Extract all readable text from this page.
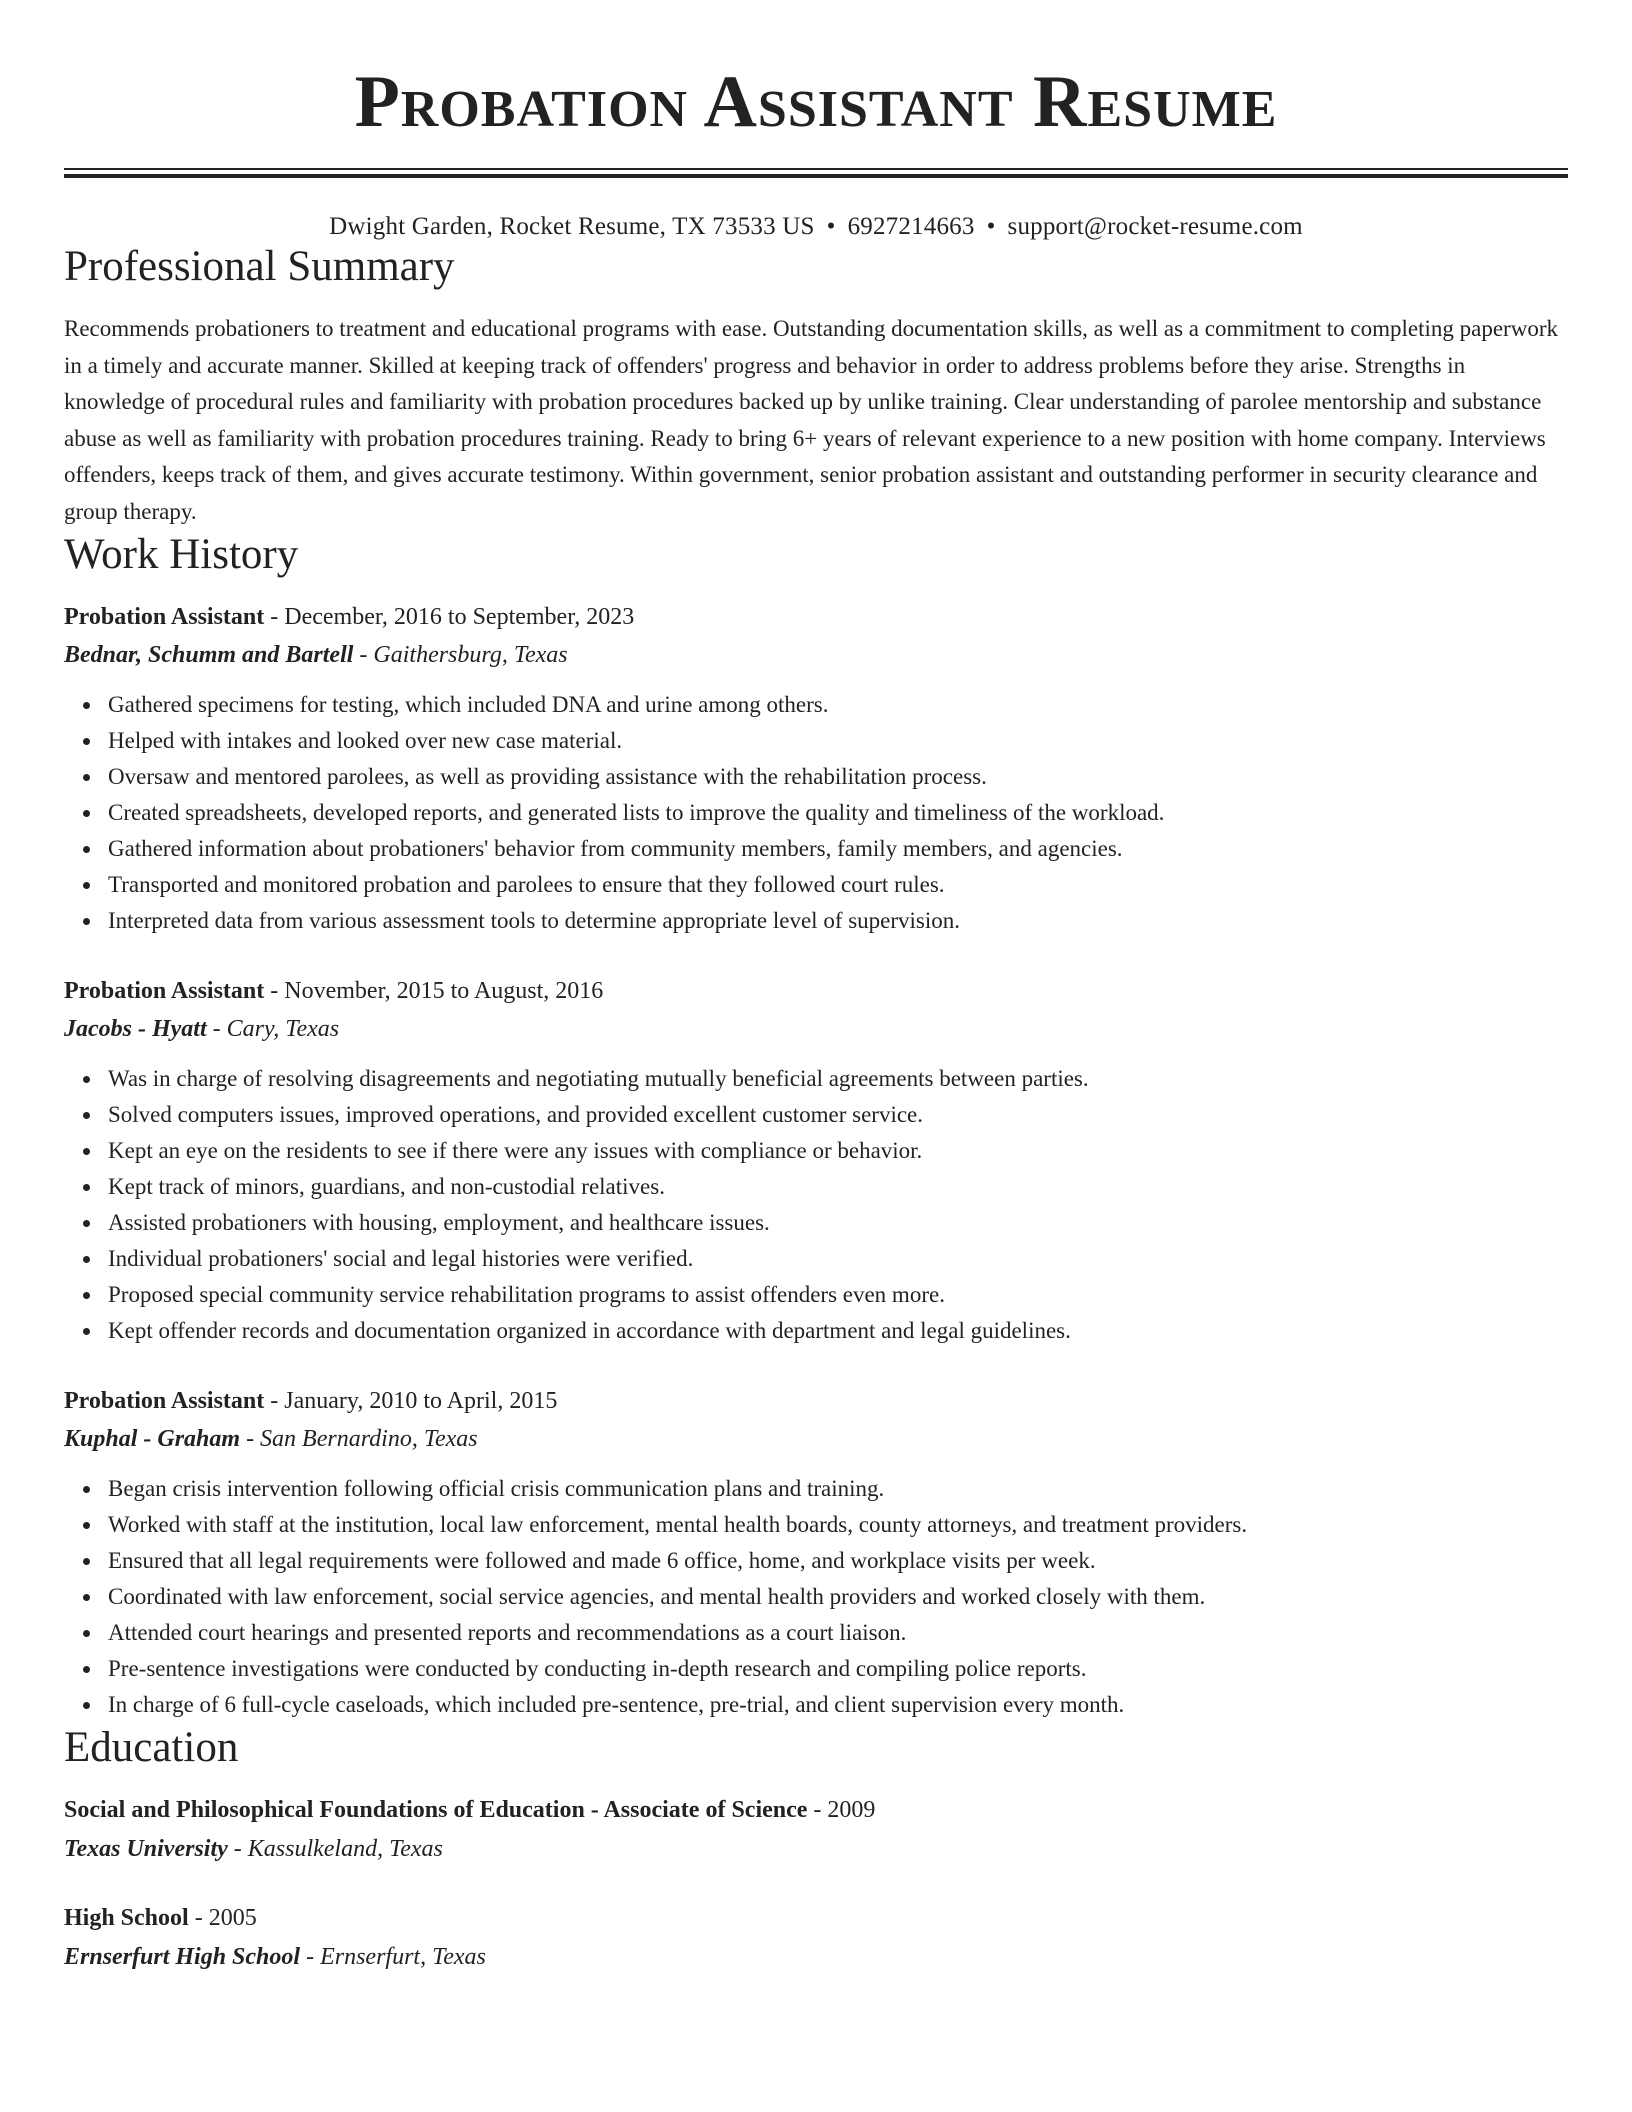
Probation Assistant Resume
Dwight Garden, Rocket Resume, TX 73533 US • 6927214663 • support@rocket-resume.com
Professional Summary
Recommends probationers to treatment and educational programs with ease. Outstanding documentation skills, as well as a commitment to completing paperwork in a timely and accurate manner. Skilled at keeping track of offenders' progress and behavior in order to address problems before they arise. Strengths in knowledge of procedural rules and familiarity with probation procedures backed up by unlike training. Clear understanding of parolee mentorship and substance abuse as well as familiarity with probation procedures training. Ready to bring 6+ years of relevant experience to a new position with home company. Interviews offenders, keeps track of them, and gives accurate testimony. Within government, senior probation assistant and outstanding performer in security clearance and group therapy.
Work History
Probation Assistant - December, 2016 to September, 2023
Bednar, Schumm and Bartell - Gaithersburg, Texas
Gathered specimens for testing, which included DNA and urine among others.
Helped with intakes and looked over new case material.
Oversaw and mentored parolees, as well as providing assistance with the rehabilitation process.
Created spreadsheets, developed reports, and generated lists to improve the quality and timeliness of the workload.
Gathered information about probationers' behavior from community members, family members, and agencies.
Transported and monitored probation and parolees to ensure that they followed court rules.
Interpreted data from various assessment tools to determine appropriate level of supervision.
Probation Assistant - November, 2015 to August, 2016
Jacobs - Hyatt - Cary, Texas
Was in charge of resolving disagreements and negotiating mutually beneficial agreements between parties.
Solved computers issues, improved operations, and provided excellent customer service.
Kept an eye on the residents to see if there were any issues with compliance or behavior.
Kept track of minors, guardians, and non-custodial relatives.
Assisted probationers with housing, employment, and healthcare issues.
Individual probationers' social and legal histories were verified.
Proposed special community service rehabilitation programs to assist offenders even more.
Kept offender records and documentation organized in accordance with department and legal guidelines.
Probation Assistant - January, 2010 to April, 2015
Kuphal - Graham - San Bernardino, Texas
Began crisis intervention following official crisis communication plans and training.
Worked with staff at the institution, local law enforcement, mental health boards, county attorneys, and treatment providers.
Ensured that all legal requirements were followed and made 6 office, home, and workplace visits per week.
Coordinated with law enforcement, social service agencies, and mental health providers and worked closely with them.
Attended court hearings and presented reports and recommendations as a court liaison.
Pre-sentence investigations were conducted by conducting in-depth research and compiling police reports.
In charge of 6 full-cycle caseloads, which included pre-sentence, pre-trial, and client supervision every month.
Education
Social and Philosophical Foundations of Education - Associate of Science - 2009
Texas University - Kassulkeland, Texas
High School - 2005
Ernserfurt High School - Ernserfurt, Texas
